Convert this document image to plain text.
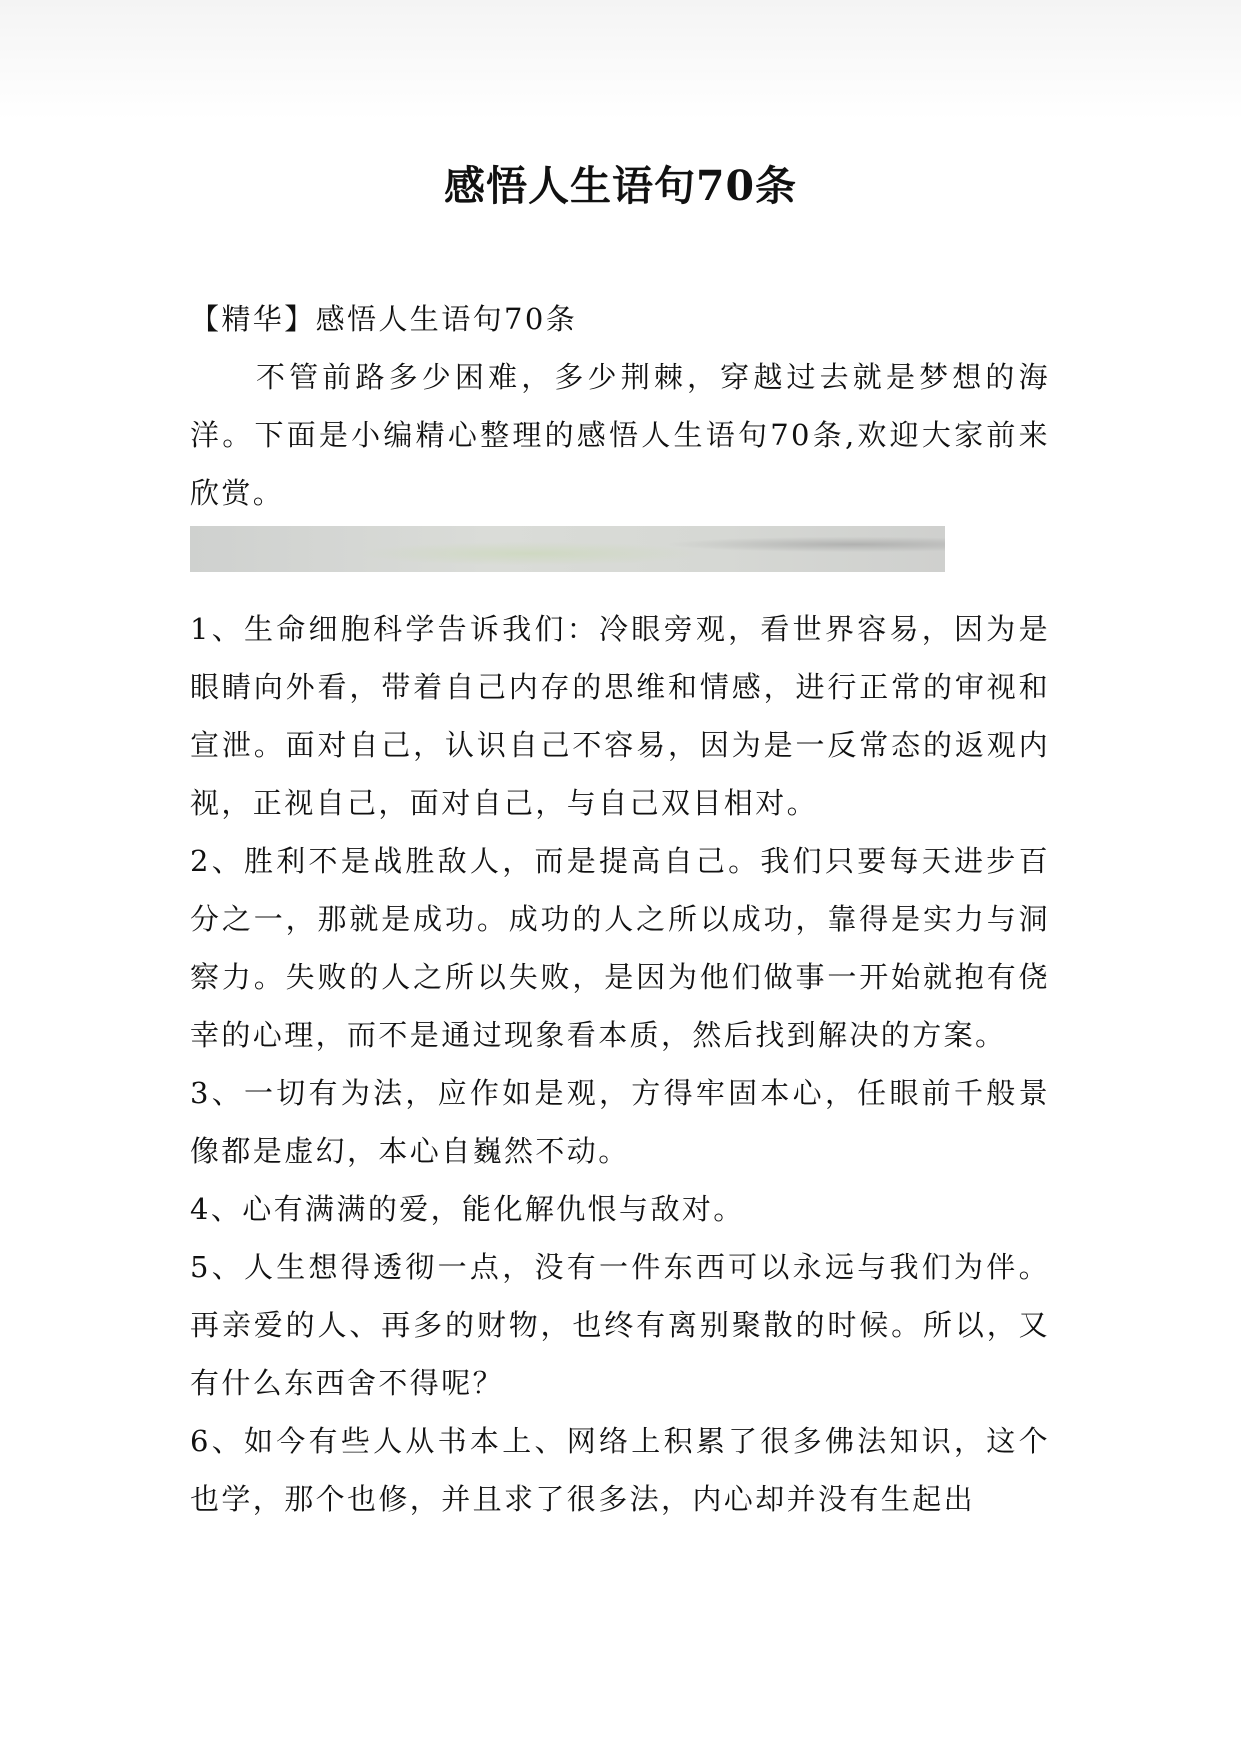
感悟人生语句70条

【精华】感悟人生语句70条

不管前路多少困难，多少荆棘，穿越过去就是梦想的海洋。下面是小编精心整理的感悟人生语句70条,欢迎大家前来欣赏。

1、生命细胞科学告诉我们：冷眼旁观，看世界容易，因为是眼睛向外看，带着自己内存的思维和情感，进行正常的审视和宣泄。面对自己，认识自己不容易，因为是一反常态的返观内视，正视自己，面对自己，与自己双目相对。

2、胜利不是战胜敌人，而是提高自己。我们只要每天进步百分之一，那就是成功。成功的人之所以成功，靠得是实力与洞察力。失败的人之所以失败，是因为他们做事一开始就抱有侥幸的心理，而不是通过现象看本质，然后找到解决的方案。

3、一切有为法，应作如是观，方得牢固本心，任眼前千般景像都是虚幻，本心自巍然不动。

4、心有满满的爱，能化解仇恨与敌对。

5、人生想得透彻一点，没有一件东西可以永远与我们为伴。再亲爱的人、再多的财物，也终有离别聚散的时候。所以，又有什么东西舍不得呢？

6、如今有些人从书本上、网络上积累了很多佛法知识，这个也学，那个也修，并且求了很多法，内心却并没有生起出
